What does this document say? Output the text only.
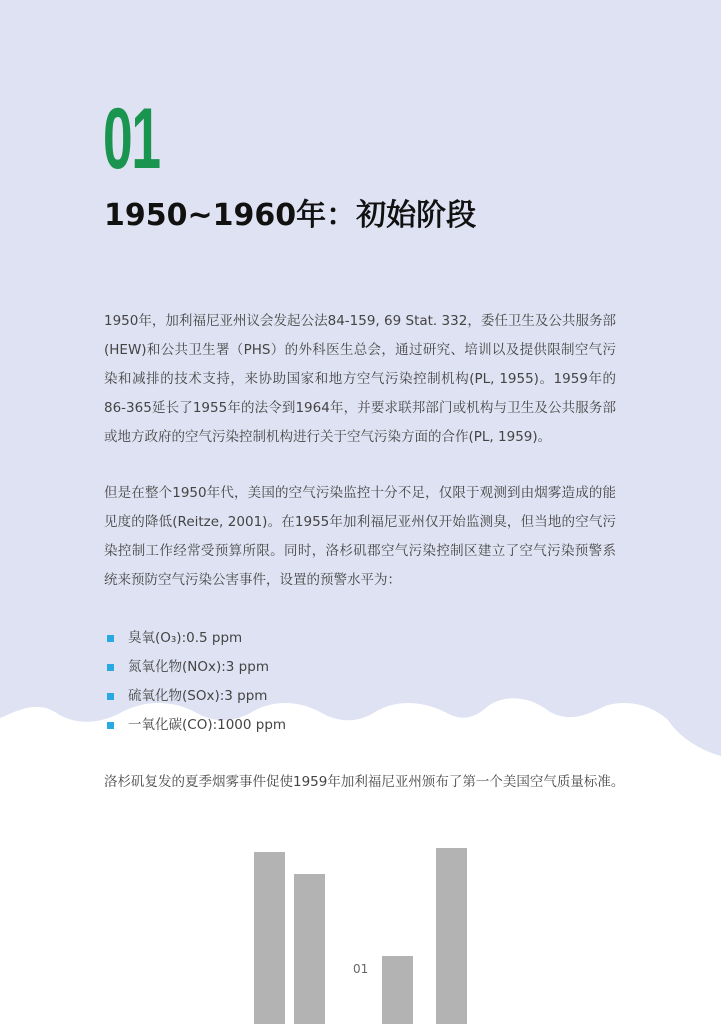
01
1950~1960年：初始阶段

1950年，加利福尼亚州议会发起公法84-159, 69 Stat. 332，委任卫生及公共服务部(HEW)和公共卫生署（PHS）的外科医生总会，通过研究、培训以及提供限制空气污染和减排的技术支持，来协助国家和地方空气污染控制机构(PL, 1955)。1959年的86-365延长了1955年的法令到1964年，并要求联邦部门或机构与卫生及公共服务部或地方政府的空气污染控制机构进行关于空气污染方面的合作(PL, 1959)。

但是在整个1950年代，美国的空气污染监控十分不足，仅限于观测到由烟雾造成的能见度的降低(Reitze, 2001)。在1955年加利福尼亚州仅开始监测臭，但当地的空气污染控制工作经常受预算所限。同时，洛杉矶郡空气污染控制区建立了空气污染预警系统来预防空气污染公害事件，设置的预警水平为：

臭氧(O₃):0.5 ppm
氮氧化物(NOx):3 ppm
硫氧化物(SOx):3 ppm
一氧化碳(CO):1000 ppm
洛杉矶复发的夏季烟雾事件促使1959年加利福尼亚州颁布了第一个美国空气质量标准。
01
